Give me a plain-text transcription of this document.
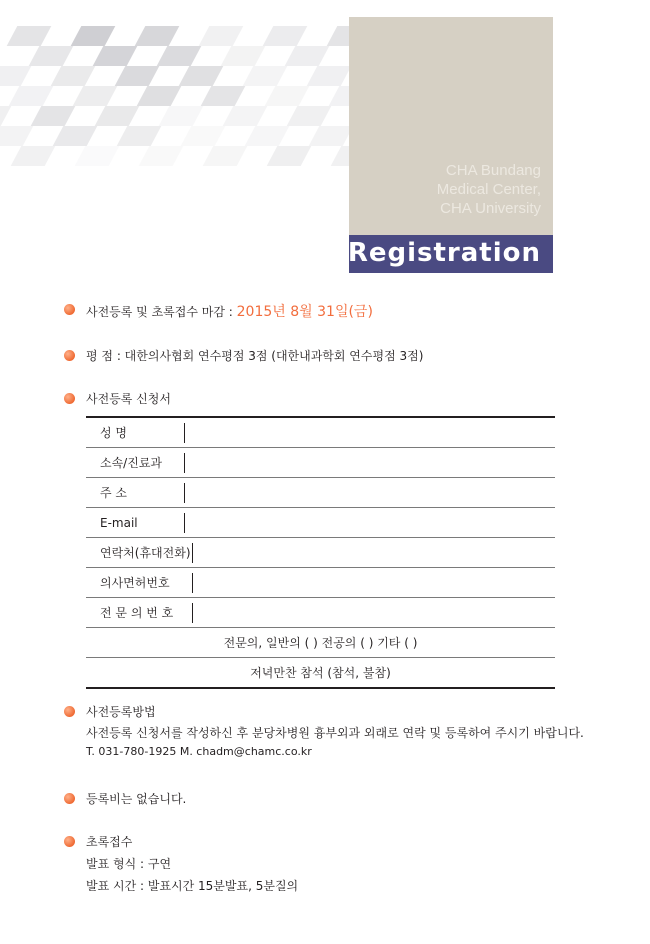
CHA Bundang
Medical Center,
CHA University
Registration
사전등록 및 초록접수 마감 : 2015년 8월 31일(금)
평 점 : 대한의사협회 연수평점 3점 (대한내과학회 연수평점 3점)
사전등록 신청서
성 명

소속/진료과

주 소

E-mail

연락처(휴대전화)

의사면허번호

전 문 의 번 호

전문의, 일반의 ( ) 전공의 ( ) 기타 ( )
저녁만찬 참석 (참석, 불참)
사전등록방법
사전등록 신청서를 작성하신 후 분당차병원 흉부외과 외래로 연락 및 등록하여 주시기 바랍니다.
T. 031-780-1925 M. chadm@chamc.co.kr
등록비는 없습니다.
초록접수
발표 형식 : 구연
발표 시간 : 발표시간 15분발표, 5분질의
